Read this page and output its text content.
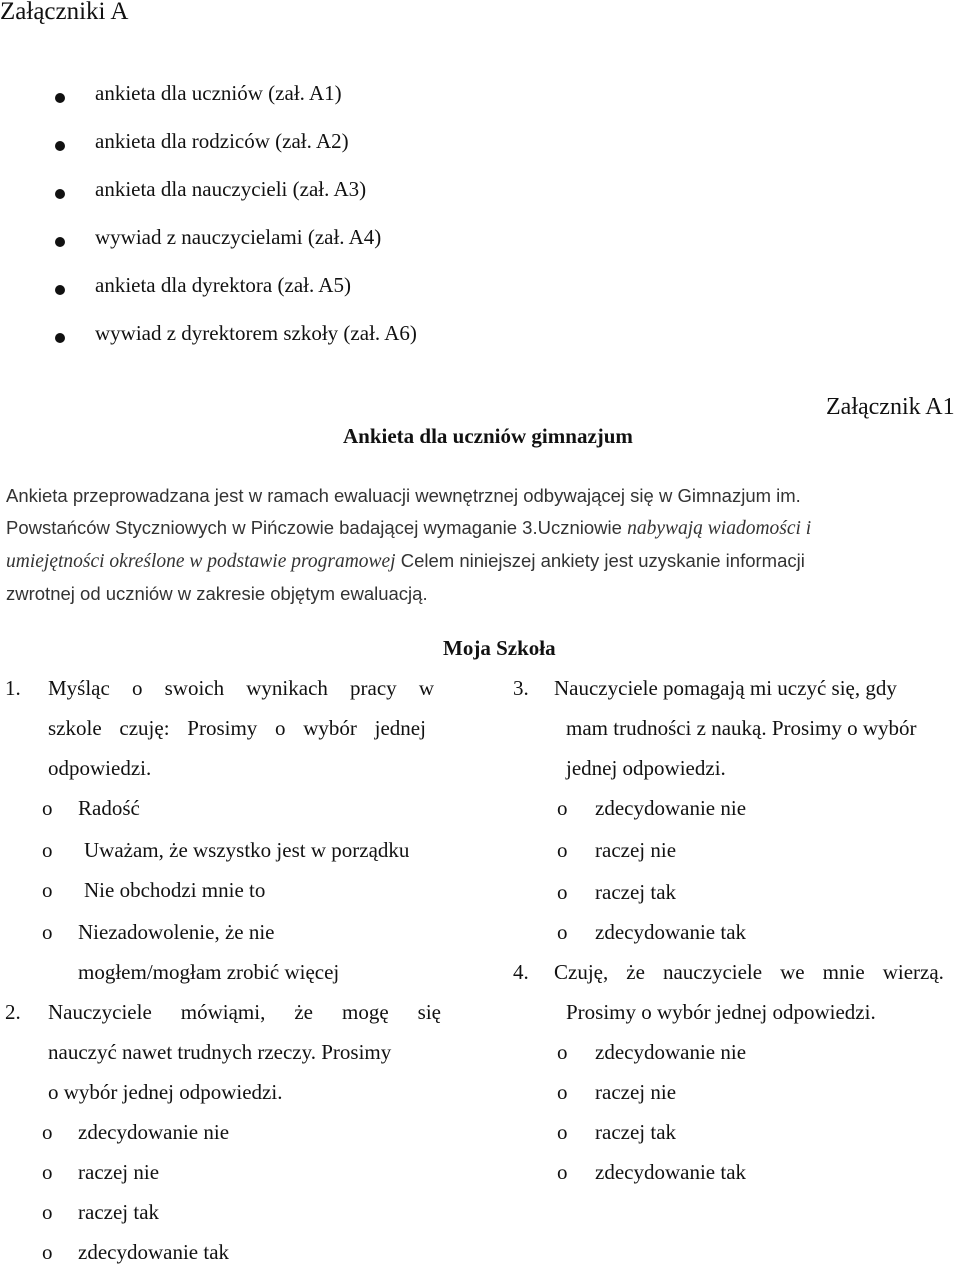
Załączniki A
ankieta dla uczniów (zał. A1)
ankieta dla rodziców (zał. A2)
ankieta dla nauczycieli (zał. A3)
wywiad z nauczycielami (zał. A4)
ankieta dla dyrektora (zał. A5)
wywiad z dyrektorem szkoły (zał. A6)
Załącznik A1
Ankieta dla uczniów gimnazjum
Ankieta przeprowadzana jest w ramach ewaluacji wewnętrznej odbywającej się w Gimnazjum im.
Powstańców Styczniowych w Pińczowie badającej wymaganie 3.Uczniowie nabywają wiadomości i
umiejętności określone w podstawie programowej Celem niniejszej ankiety jest uzyskanie informacji
zwrotnej od uczniów w zakresie objętym ewaluacją.
Moja Szkoła
1. Myśląc o swoich wynikach pracy w
szkole czuję: Prosimy o wybór jednej
odpowiedzi.
o Radość
o Uważam, że wszystko jest w porządku
o Nie obchodzi mnie to
o Niezadowolenie, że nie
mogłem/mogłam zrobić więcej
2. Nauczyciele mówiąmi, że mogę się
nauczyć nawet trudnych rzeczy. Prosimy
o wybór jednej odpowiedzi.
o zdecydowanie nie
o raczej nie
o raczej tak
o zdecydowanie tak
3. Nauczyciele pomagają mi uczyć się, gdy
mam trudności z nauką. Prosimy o wybór
jednej odpowiedzi.
o zdecydowanie nie
o raczej nie
o raczej tak
o zdecydowanie tak
4. Czuję, że nauczyciele we mnie wierzą.
Prosimy o wybór jednej odpowiedzi.
o zdecydowanie nie
o raczej nie
o raczej tak
o zdecydowanie tak
